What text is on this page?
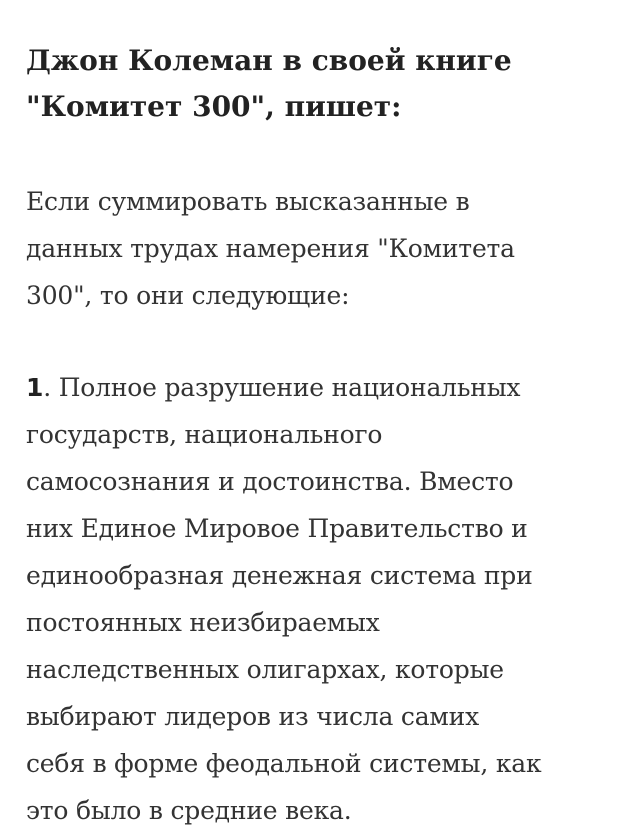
Джон Колеман в своей книге
"Комитет 300", пишет:

Если суммировать высказанные в
данных трудах намерения "Комитета
300", то они следующие:

1. Полное разрушение национальных
государств, национального
самосознания и достоинства. Вместо
них Единое Мировое Правительство и
единообразная денежная система при
постоянных неизбираемых
наследственных олигархах, которые
выбирают лидеров из числа самих
себя в форме феодальной системы, как
это было в средние века.
